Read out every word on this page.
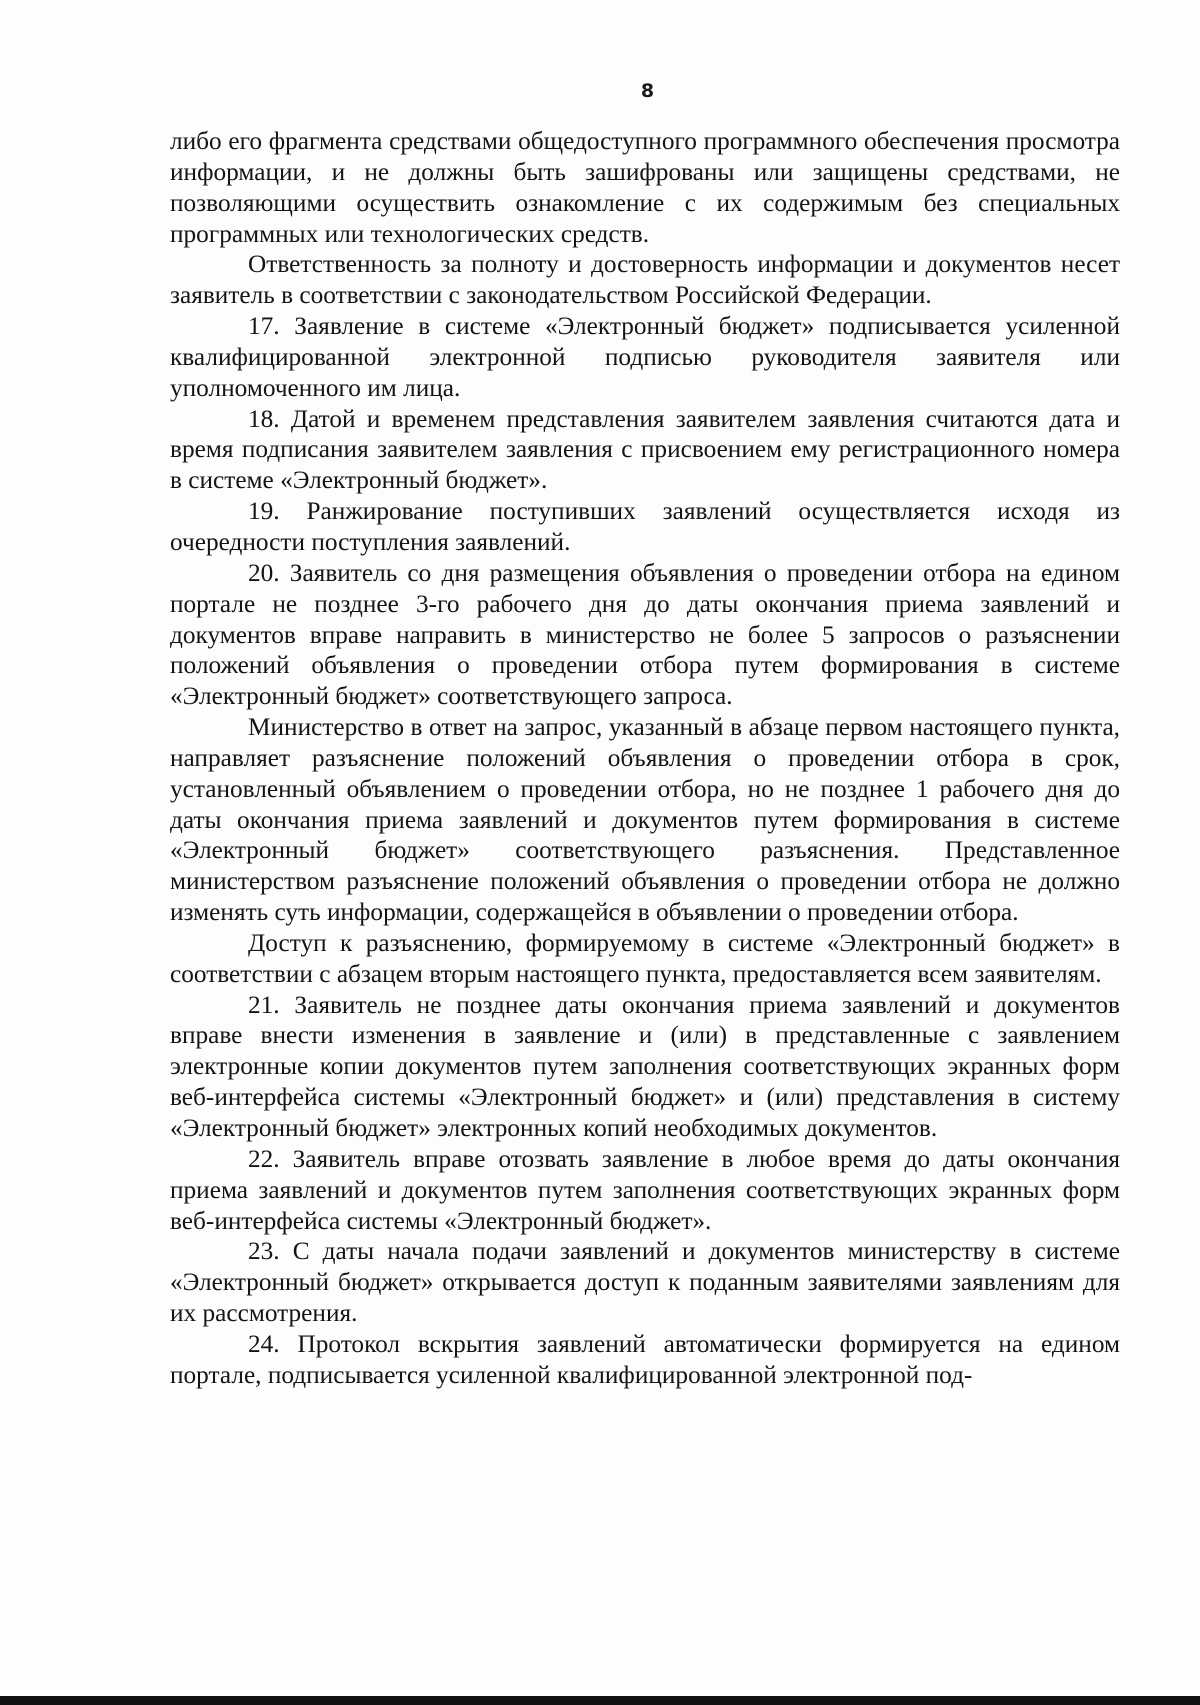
8

либо его фрагмента средствами общедоступного программного обеспечения просмотра информации, и не должны быть зашифрованы или защищены средствами, не позволяющими осуществить ознакомление с их содержимым без специальных программных или технологических средств.

Ответственность за полноту и достоверность информации и документов несет заявитель в соответствии с законодательством Российской Федерации.

17. Заявление в системе «Электронный бюджет» подписывается усиленной квалифицированной электронной подписью руководителя заявителя или уполномоченного им лица.

18. Датой и временем представления заявителем заявления считаются дата и время подписания заявителем заявления с присвоением ему регистрационного номера в системе «Электронный бюджет».

19. Ранжирование поступивших заявлений осуществляется исходя из очередности поступления заявлений.

20. Заявитель со дня размещения объявления о проведении отбора на едином портале не позднее 3-го рабочего дня до даты окончания приема заявлений и документов вправе направить в министерство не более 5 запросов о разъяснении положений объявления о проведении отбора путем формирования в системе «Электронный бюджет» соответствующего запроса.

Министерство в ответ на запрос, указанный в абзаце первом настоящего пункта, направляет разъяснение положений объявления о проведении отбора в срок, установленный объявлением о проведении отбора, но не позднее 1 рабочего дня до даты окончания приема заявлений и документов путем формирования в системе «Электронный бюджет» соответствующего разъяснения. Представленное министерством разъяснение положений объявления о проведении отбора не должно изменять суть информации, содержащейся в объявлении о проведении отбора.

Доступ к разъяснению, формируемому в системе «Электронный бюджет» в соответствии с абзацем вторым настоящего пункта, предоставляется всем заявителям.

21. Заявитель не позднее даты окончания приема заявлений и документов вправе внести изменения в заявление и (или) в представленные с заявлением электронные копии документов путем заполнения соответствующих экранных форм веб-интерфейса системы «Электронный бюджет» и (или) представления в систему «Электронный бюджет» электронных копий необходимых документов.

22. Заявитель вправе отозвать заявление в любое время до даты окончания приема заявлений и документов путем заполнения соответствующих экранных форм веб-интерфейса системы «Электронный бюджет».

23. С даты начала подачи заявлений и документов министерству в системе «Электронный бюджет» открывается доступ к поданным заявителями заявлениям для их рассмотрения.

24. Протокол вскрытия заявлений автоматически формируется на едином портале, подписывается усиленной квалифицированной электронной под-
